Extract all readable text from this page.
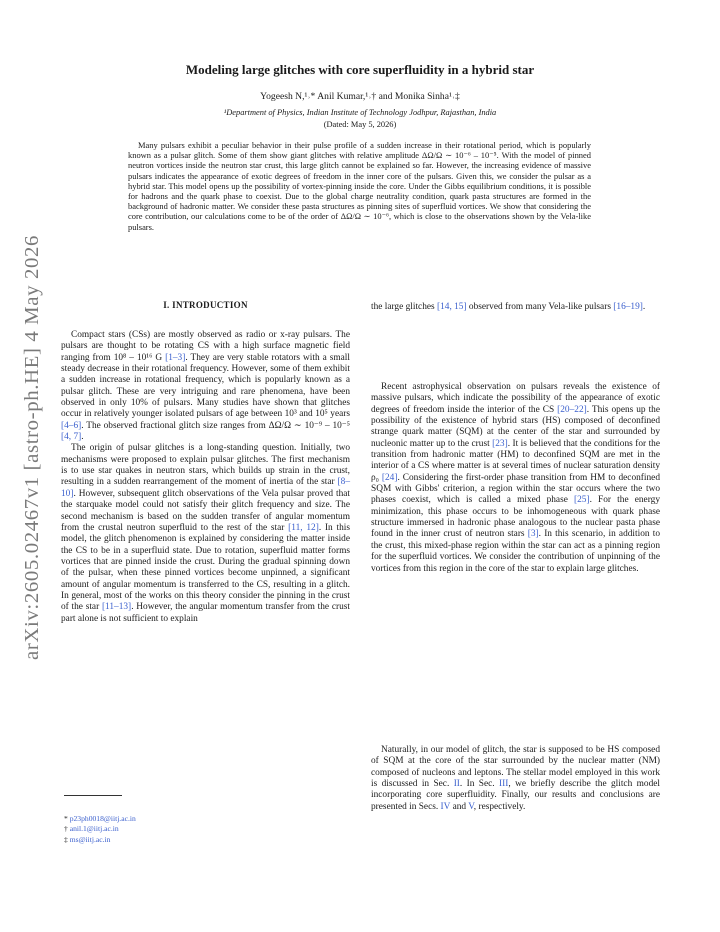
arXiv:2605.02467v1 [astro-ph.HE] 4 May 2026
Modeling large glitches with core superfluidity in a hybrid star
Yogeesh N,¹˒* Anil Kumar,¹˒† and Monika Sinha¹˒‡
¹Department of Physics, Indian Institute of Technology Jodhpur, Rajasthan, India
(Dated: May 5, 2026)
Many pulsars exhibit a peculiar behavior in their pulse profile of a sudden increase in their rotational period, which is popularly known as a pulsar glitch. Some of them show giant glitches with relative amplitude ΔΩ/Ω ∼ 10⁻⁶ – 10⁻⁵. With the model of pinned neutron vortices inside the neutron star crust, this large glitch cannot be explained so far. However, the increasing evidence of massive pulsars indicates the appearance of exotic degrees of freedom in the inner core of the pulsars. Given this, we consider the pulsar as a hybrid star. This model opens up the possibility of vortex-pinning inside the core. Under the Gibbs equilibrium conditions, it is possible for hadrons and the quark phase to coexist. Due to the global charge neutrality condition, quark pasta structures are formed in the background of hadronic matter. We consider these pasta structures as pinning sites of superfluid vortices. We show that considering the core contribution, our calculations come to be of the order of ΔΩ/Ω ∼ 10⁻⁶, which is close to the observations shown by the Vela-like pulsars.
I. INTRODUCTION

Compact stars (CSs) are mostly observed as radio or x-ray pulsars. The pulsars are thought to be rotating CS with a high surface magnetic field ranging from 10⁸ – 10¹⁶ G [1–3]. They are very stable rotators with a small steady decrease in their rotational frequency. However, some of them exhibit a sudden increase in rotational frequency, which is popularly known as a pulsar glitch. These are very intriguing and rare phenomena, have been observed in only 10% of pulsars. Many studies have shown that glitches occur in relatively younger isolated pulsars of age between 10³ and 10⁵ years [4–6]. The observed fractional glitch size ranges from ΔΩ/Ω ∼ 10⁻⁹ – 10⁻⁵ [4, 7].

The origin of pulsar glitches is a long-standing question. Initially, two mechanisms were proposed to explain pulsar glitches. The first mechanism is to use star quakes in neutron stars, which builds up strain in the crust, resulting in a sudden rearrangement of the moment of inertia of the star [8–10]. However, subsequent glitch observations of the Vela pulsar proved that the starquake model could not satisfy their glitch frequency and size. The second mechanism is based on the sudden transfer of angular momentum from the crustal neutron superfluid to the rest of the star [11, 12]. In this model, the glitch phenomenon is explained by considering the matter inside the CS to be in a superfluid state. Due to rotation, superfluid matter forms vortices that are pinned inside the crust. During the gradual spinning down of the pulsar, when these pinned vortices become unpinned, a significant amount of angular momentum is transferred to the CS, resulting in a glitch. In general, most of the works on this theory consider the pinning in the crust of the star [11–13]. However, the angular momentum transfer from the crust part alone is not sufficient to explain

the large glitches [14, 15] observed from many Vela-like pulsars [16–19].

Recent astrophysical observation on pulsars reveals the existence of massive pulsars, which indicate the possibility of the appearance of exotic degrees of freedom inside the interior of the CS [20–22]. This opens up the possibility of the existence of hybrid stars (HS) composed of deconfined strange quark matter (SQM) at the center of the star and surrounded by nucleonic matter up to the crust [23]. It is believed that the conditions for the transition from hadronic matter (HM) to deconfined SQM are met in the interior of a CS where matter is at several times of nuclear saturation density ρ₀ [24]. Considering the first-order phase transition from HM to deconfined SQM with Gibbs' criterion, a region within the star occurs where the two phases coexist, which is called a mixed phase [25]. For the energy minimization, this phase occurs to be inhomogeneous with quark phase structure immersed in hadronic phase analogous to the nuclear pasta phase found in the inner crust of neutron stars [3]. In this scenario, in addition to the crust, this mixed-phase region within the star can act as a pinning region for the superfluid vortices. We consider the contribution of unpinning of the vortices from this region in the core of the star to explain large glitches.

Naturally, in our model of glitch, the star is supposed to be HS composed of SQM at the core of the star surrounded by the nuclear matter (NM) composed of nucleons and leptons. The stellar model employed in this work is discussed in Sec. II. In Sec. III, we briefly describe the glitch model incorporating core superfluidity. Finally, our results and conclusions are presented in Secs. IV and V, respectively.

* p23ph0018@iitj.ac.in
† anil.1@iitj.ac.in
‡ ms@iitj.ac.in
